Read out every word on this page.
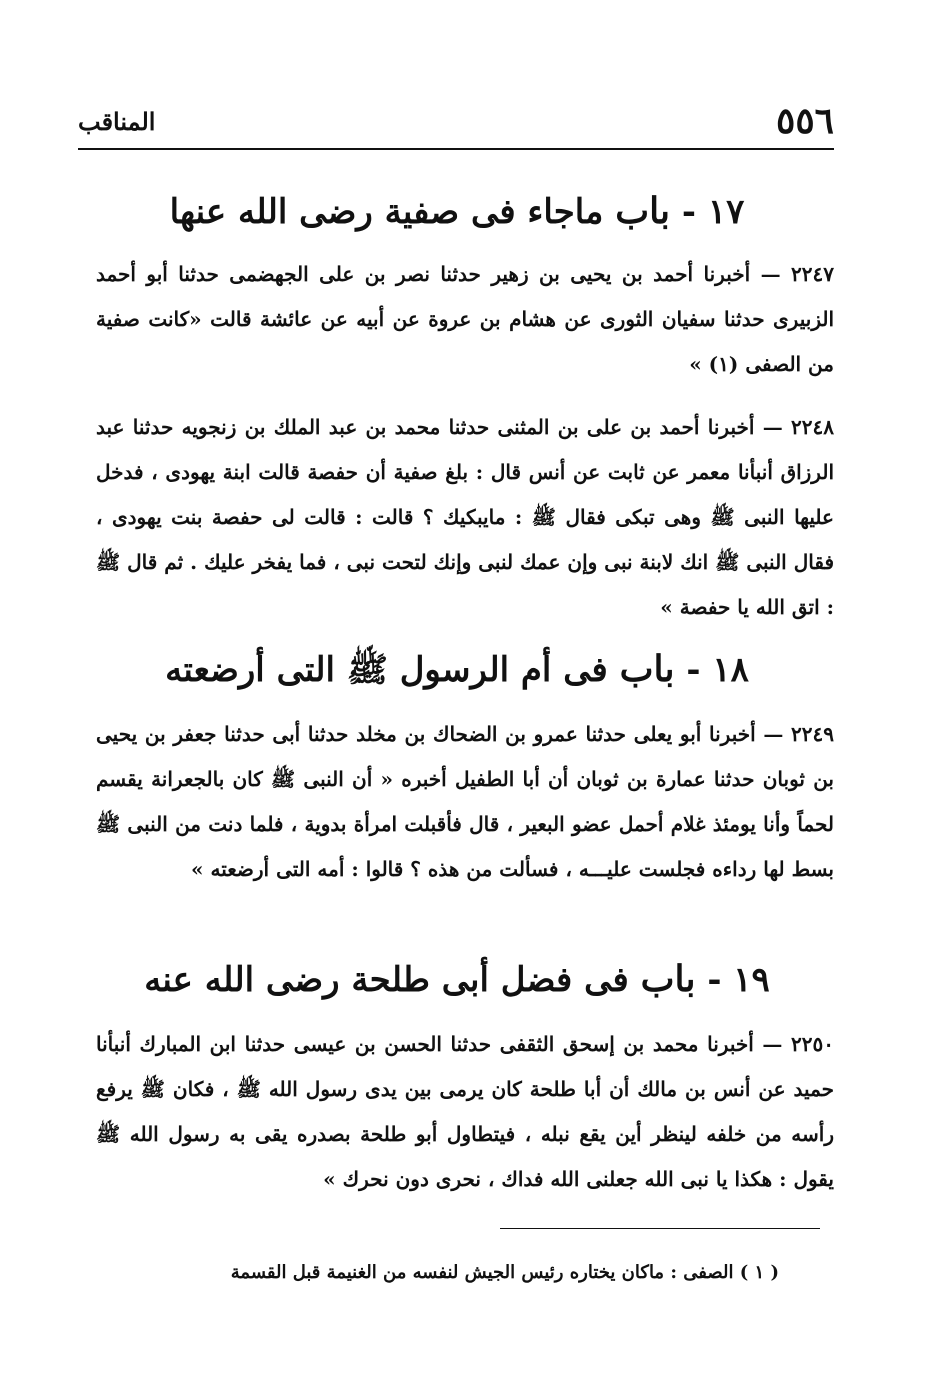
٥٥٦
المناقب
١٧ - باب ماجاء فى صفية رضى الله عنها
٢٢٤٧ — أخبرنا أحمد بن يحيى بن زهير حدثنا نصر بن على الجهضمى حدثنا أبو أحمد الزبيرى حدثنا سفيان الثورى عن هشام بن عروة عن أبيه عن عائشة قالت «كانت صفية من الصفى (١) »
٢٢٤٨ — أخبرنا أحمد بن على بن المثنى حدثنا محمد بن عبد الملك بن زنجويه حدثنا عبد الرزاق أنبأنا معمر عن ثابت عن أنس قال : بلغ صفية أن حفصة قالت ابنة يهودى ، فدخل عليها النبى ﷺ وهى تبكى فقال ﷺ : مايبكيك ؟ قالت : قالت لى حفصة بنت يهودى ، فقال النبى ﷺ انك لابنة نبى وإن عمك لنبى وإنك لتحت نبى ، فما يفخر عليك . ثم قال ﷺ : اتق الله يا حفصة »
١٨ - باب فى أم الرسول ﷺ التى أرضعته
٢٢٤٩ — أخبرنا أبو يعلى حدثنا عمرو بن الضحاك بن مخلد حدثنا أبى حدثنا جعفر بن يحيى بن ثوبان حدثنا عمارة بن ثوبان أن أبا الطفيل أخبره « أن النبى ﷺ كان بالجعرانة يقسم لحماً وأنا يومئذ غلام أحمل عضو البعير ، قال فأقبلت امرأة بدوية ، فلما دنت من النبى ﷺ بسط لها رداءه فجلست عليـــه ، فسألت من هذه ؟ قالوا : أمه التى أرضعته »
١٩ - باب فى فضل أبى طلحة رضى الله عنه
٢٢٥٠ — أخبرنا محمد بن إسحق الثقفى حدثنا الحسن بن عيسى حدثنا ابن المبارك أنبأنا حميد عن أنس بن مالك أن أبا طلحة كان يرمى بين يدى رسول الله ﷺ ، فكان ﷺ يرفع رأسه من خلفه لينظر أين يقع نبله ، فيتطاول أبو طلحة بصدره يقى به رسول الله ﷺ يقول : هكذا يا نبى الله جعلنى الله فداك ، نحرى دون نحرك »
( ١ ) الصفى : ماكان يختاره رئيس الجيش لنفسه من الغنيمة قبل القسمة
